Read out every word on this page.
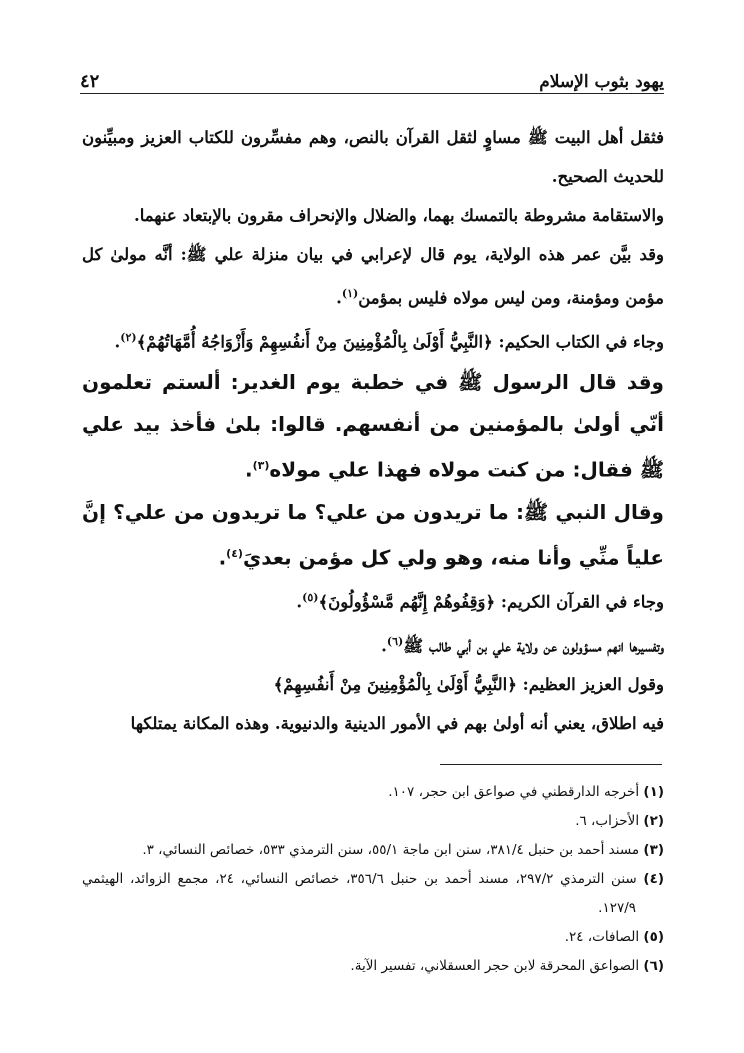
يهود بثوب الإسلام
٤٢

فثقل أهل البيت ﷺ مساوٍ لثقل القرآن بالنص، وهم مفسِّرون للكتاب العزيز ومبيِّنون للحديث الصحيح.

والاستقامة مشروطة بالتمسك بهما، والضلال والإنحراف مقرون بالإبتعاد عنهما.

وقد بيَّن عمر هذه الولاية، يوم قال لإعرابي في بيان منزلة علي ﷺ: أنَّه مولىٰ كل مؤمن ومؤمنة، ومن ليس مولاه فليس بمؤمن$^{(١)}$.

وجاء في الكتاب الحكيم: ﴿النَّبِيُّ أَوْلَىٰ بِالْمُؤْمِنِينَ مِنْ أَنفُسِهِمْ وَأَزْوَاجُهُ أُمَّهَاتُهُمْ﴾$^{(٢)}$.

وقد قال الرسول ﷺ في خطبة يوم الغدير: ألستم تعلمون أنّي أولىٰ بالمؤمنين من أنفسهم. قالوا: بلىٰ فأخذ بيد علي ﷺ فقال: من كنت مولاه فهذا علي مولاه$^{(٣)}$.

وقال النبي ﷺ: ما تريدون من علي؟ ما تريدون من علي؟ إنَّ علياً منِّي وأنا منه، وهو ولي كل مؤمن بعديَ$^{(٤)}$.

وجاء في القرآن الكريم: ﴿وَقِفُوهُمْ إِنَّهُم مَّسْؤُولُونَ﴾$^{(٥)}$.

وتفسيرها انهم مسؤولون عن ولاية علي بن أبي طالب ﷺ$^{(٦)}$.

وقول العزيز العظيم: ﴿النَّبِيُّ أَوْلَىٰ بِالْمُؤْمِنِينَ مِنْ أَنفُسِهِمْ﴾

فيه اطلاق، يعني أنه أولىٰ بهم في الأمور الدينية والدنيوية. وهذه المكانة يمتلكها

(١) أخرجه الدارقطني في صواعق ابن حجر، ١٠٧.

(٢) الأحزاب، ٦.

(٣) مسند أحمد بن حنبل ٣٨١/٤، سنن ابن ماجة ٥٥/١، سنن الترمذي ٥٣٣، خصائص النسائي، ٣.

(٤) سنن الترمذي ٢٩٧/٢، مسند أحمد بن حنبل ٣٥٦/٦، خصائص النسائي، ٢٤، مجمع الزوائد، الهيثمي ١٢٧/٩.

(٥) الصافات، ٢٤.

(٦) الصواعق المحرقة لابن حجر العسقلاني، تفسير الآية.
